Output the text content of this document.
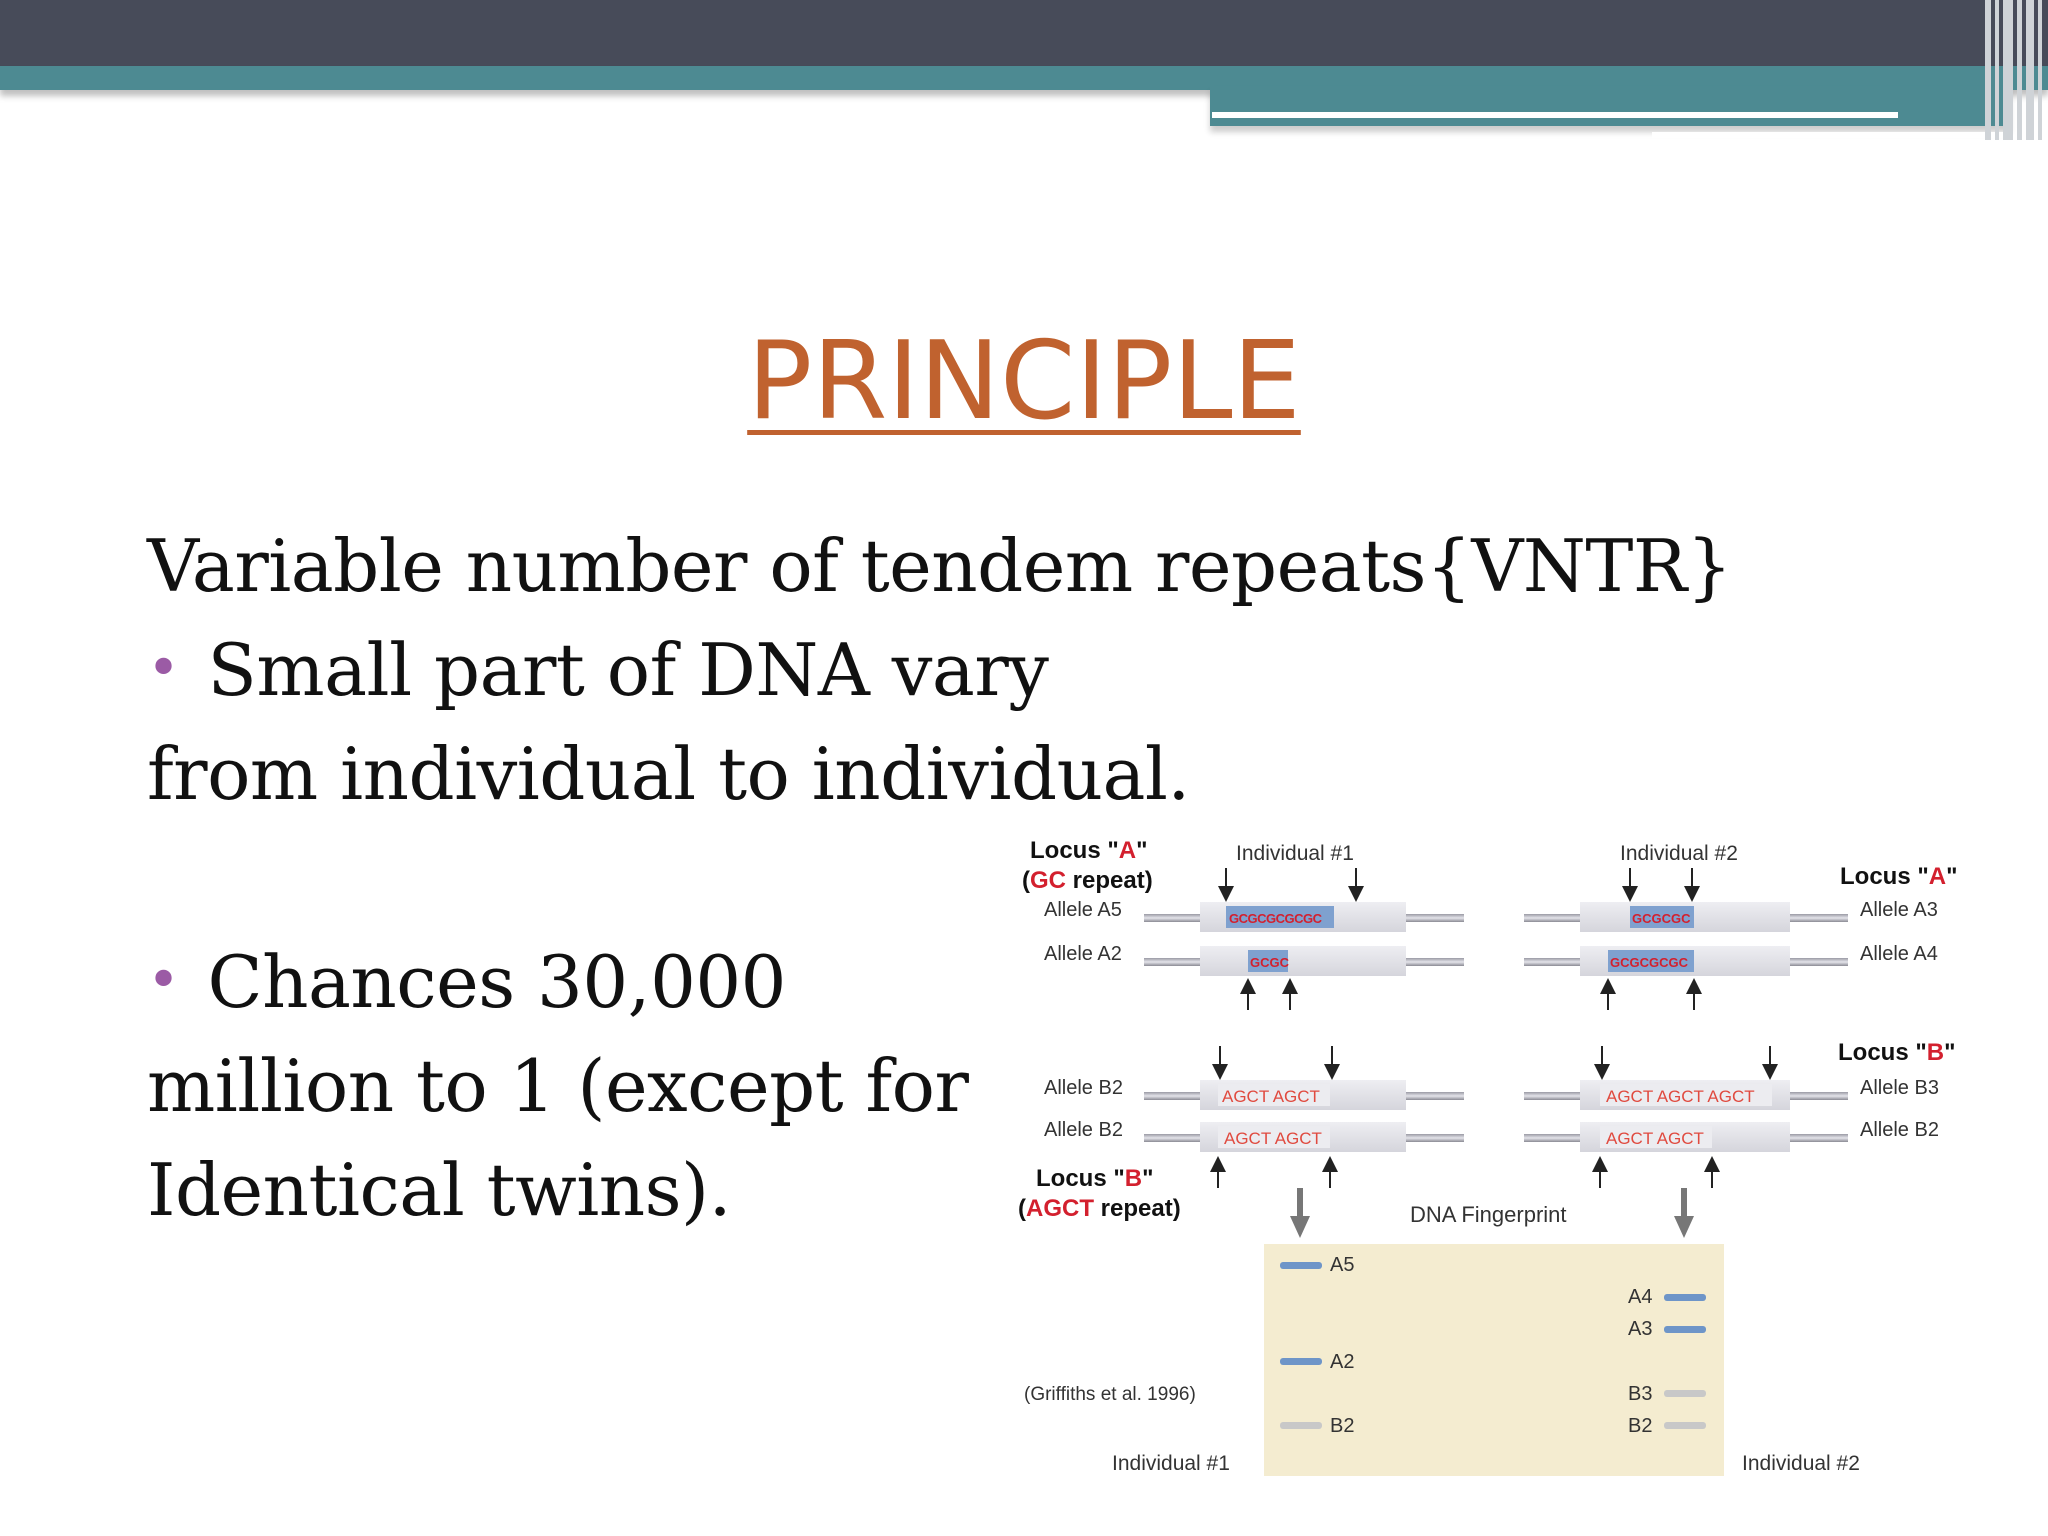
PRINCIPLE
Variable number of tendem repeats{VNTR}
• Small part of DNA vary
from individual to individual.
• Chances 30,000
million to 1 (except for
Identical twins).
Locus "A"
(GC repeat)
Individual #1	Individual #2
Locus "A"
Allele A5	GCGCGCGCGC	Allele A3
GCGCGC
Allele A2	GCGC	Allele A4
GCGCGCGC
Locus "B"
Allele B2	AGCT AGCT	Allele B3
AGCT AGCT AGCT
Allele B2	AGCT AGCT	Allele B2
AGCT AGCT
Locus "B"
(AGCT repeat)	DNA Fingerprint
A5
A2
B2
A4
A3
B3
B2
(Griffiths et al. 1996)
Individual #1	Individual #2
